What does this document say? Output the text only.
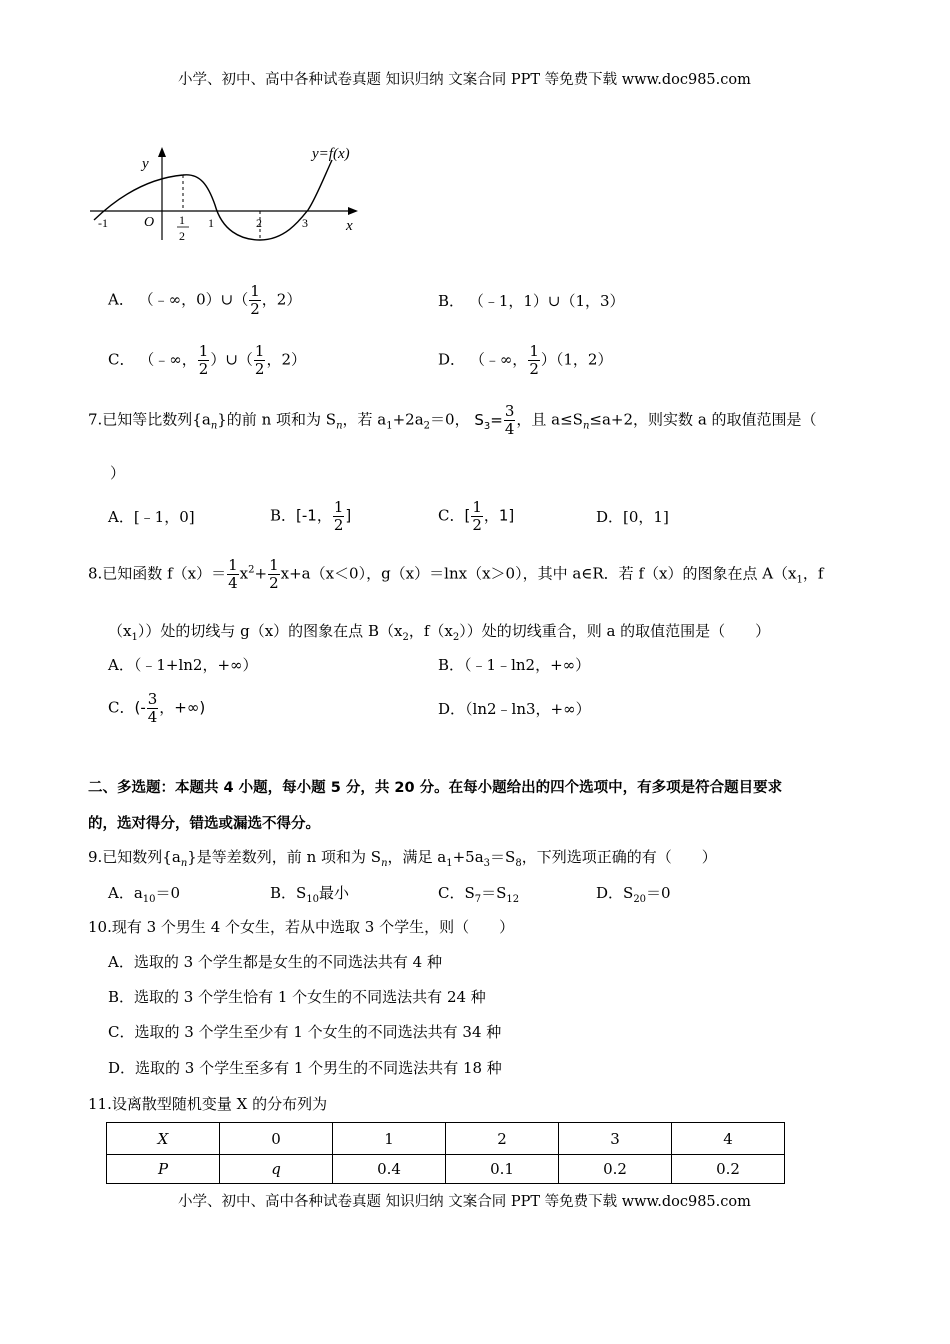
小学、初中、高中各种试卷真题 知识归纳 文案合同 PPT 等免费下载 www.doc985.com
y=f(x)
y
x
O
-1	1	2	3
1
2
A． （﹣∞，0）∪（ $\frac{1}{2}$ ，2）	B． （﹣1，1）∪（1，3）
C． （﹣∞， $\frac{1}{2}$ ）∪（ $\frac{1}{2}$ ，2）	D． （﹣∞， $\frac{1}{2} )(1$，2）
7.已知等比数列$\{a_n\}$的前 n 项和为 $S_n$，若 $a_1+2a_2=0$， $S_3= \frac{3}{4}$ ，且 $a\le S_n\le a+2$，则实数 a 的取值范围是（
）
A．[﹣1，0]	B．[-1， $\frac{1}{2}$ ]	C．[ $\frac{1}{2}$ ，1]	D．[0，1]
8.已知函数 $f(x)= \frac{1}{4} x^2+ \frac{1}{2} x+a(x<0)$，g（x）＝lnx（x＞0），其中 a∈R．若 f（x）的图象在点 $A(x_1$，f
$(x_1)$）处的切线与 g（x）的图象在点 $B(x_2$，$f(x_2)$）处的切线重合，则 a 的取值范围是（　　）
A．（﹣1+ln2，+∞）	B．（﹣1﹣ln2，+∞）
C．(- $\frac{3}{4}$ ，+∞)	D．（ln2﹣ln3，+∞）
二、多选题：本题共 4 小题，每小题 5 分，共 20 分。在每小题给出的四个选项中，有多项是符合题目要求
的，选对得分，错选或漏选不得分。
9.已知数列$\{a_n\}$是等差数列，前 n 项和为 $S_n$，满足 $a_1+5a_3=S_8$，下列选项正确的有（　　）
A．$a_{10}=0$	B．$S_{10}$最小	C．$S_7=S_{12}$	D．$S_{20}=0$
10.现有 3 个男生 4 个女生，若从中选取 3 个学生，则（　　）
A．选取的 3 个学生都是女生的不同选法共有 4 种
B．选取的 3 个学生恰有 1 个女生的不同选法共有 24 种
C．选取的 3 个学生至少有 1 个女生的不同选法共有 34 种
D．选取的 3 个学生至多有 1 个男生的不同选法共有 18 种
11.设离散型随机变量 X 的分布列为
X	0	1	2	3	4
P	q	0.4	0.1	0.2	0.2
小学、初中、高中各种试卷真题 知识归纳 文案合同 PPT 等免费下载 www.doc985.com
